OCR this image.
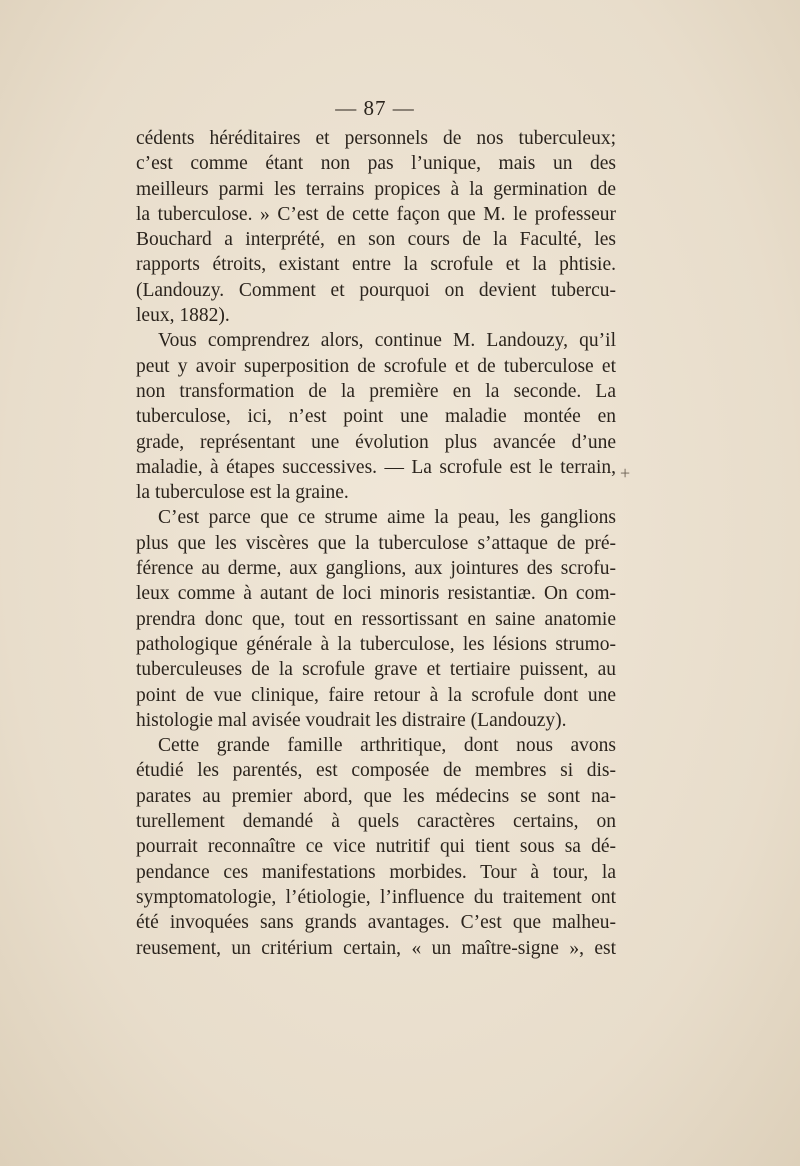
— 87 —
cédents héréditaires et personnels de nos tuberculeux;
c’est comme étant non pas l’unique, mais un des
meilleurs parmi les terrains propices à la germination de
la tuberculose. » C’est de cette façon que M. le professeur
Bouchard a interprété, en son cours de la Faculté, les
rapports étroits, existant entre la scrofule et la phtisie.
(Landouzy. Comment et pourquoi on devient tubercu-
leux, 1882).
Vous comprendrez alors, continue M. Landouzy, qu’il
peut y avoir superposition de scrofule et de tuberculose et
non transformation de la première en la seconde. La
tuberculose, ici, n’est point une maladie montée en
grade, représentant une évolution plus avancée d’une
maladie, à étapes successives. — La scrofule est le terrain,
la tuberculose est la graine.
C’est parce que ce strume aime la peau, les ganglions
plus que les viscères que la tuberculose s’attaque de pré-
férence au derme, aux ganglions, aux jointures des scrofu-
leux comme à autant de loci minoris resistantiæ. On com-
prendra donc que, tout en ressortissant en saine anatomie
pathologique générale à la tuberculose, les lésions strumo-
tuberculeuses de la scrofule grave et tertiaire puissent, au
point de vue clinique, faire retour à la scrofule dont une
histologie mal avisée voudrait les distraire (Landouzy).
Cette grande famille arthritique, dont nous avons
étudié les parentés, est composée de membres si dis-
parates au premier abord, que les médecins se sont na-
turellement demandé à quels caractères certains, on
pourrait reconnaître ce vice nutritif qui tient sous sa dé-
pendance ces manifestations morbides. Tour à tour, la
symptomatologie, l’étiologie, l’influence du traitement ont
été invoquées sans grands avantages. C’est que malheu-
reusement, un critérium certain, « un maître-signe », est
+
